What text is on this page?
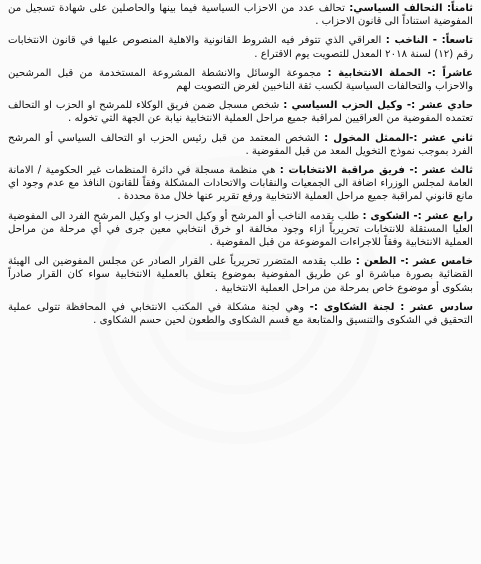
ثامناً: التحالف السياسي: تحالف عدد من الاحزاب السياسية فيما بينها والحاصلين على شهادة تسجيل من المفوضية استناداً الى قانون الاحزاب .

تاسعاً: - الناخب : العراقي الذي تتوفر فيه الشروط القانونية والاهلية المنصوص عليها في قانون الانتخابات رقم (١٢) لسنة ٢٠١٨ المعدل للتصويت يوم الاقتراع .

عاشراً :- الحملة الانتخابية : مجموعة الوسائل والانشطة المشروعة المستخدمة من قبل المرشحين والاحزاب والتحالفات السياسية لكسب ثقة الناخبين لغرض التصويت لهم

حادي عشر :- وكيل الحزب السياسي : شخص مسجل ضمن فريق الوكلاء للمرشح او الحزب او التحالف تعتمده المفوضية من العراقيين لمراقبة جميع مراحل العملية الانتخابية نيابة عن الجهة التي تخوله .

ثاني عشر :-الممثل المخول : الشخص المعتمد من قبل رئيس الحزب او التحالف السياسي أو المرشح الفرد بموجب نموذج التخويل المعد من قبل المفوضية .

ثالث عشر :- فريق مراقبة الانتخابات : هي منظمة مسجلة في دائرة المنظمات غير الحكومية / الامانة العامة لمجلس الوزراء اضافة الى الجمعيات والنقابات والاتحادات المشكلة وفقاً للقانون النافذ مع عدم وجود اي مانع قانوني لمراقبة جميع مراحل العملية الانتخابية ورفع تقرير عنها خلال مدة محددة .

رابع عشر :- الشكوى : طلب يقدمه الناخب أو المرشح أو وكيل الحزب او وكيل المرشح الفرد الى المفوضية العليا المستقلة للانتخابات تحريرياً ازاء وجود مخالفة او خرق انتخابي معين جرى في أي مرحلة من مراحل العملية الانتخابية وفقاً للاجراءات الموضوعة من قبل المفوضية .

خامس عشر :- الطعن : طلب يقدمه المتضرر تحريرياً على القرار الصادر عن مجلس المفوضين الى الهيئة القضائية بصورة مباشرة او عن طريق المفوضية بموضوع يتعلق بالعملية الانتخابية سواء كان القرار صادراً بشكوى أو موضوع خاص بمرحلة من مراحل العملية الانتخابية .

سادس عشر : لجنة الشكاوى :- وهي لجنة مشكلة في المكتب الانتخابي في المحافظة تتولى عملية التحقيق في الشكوى والتنسيق والمتابعة مع قسم الشكاوى والطعون لحين حسم الشكاوى .
